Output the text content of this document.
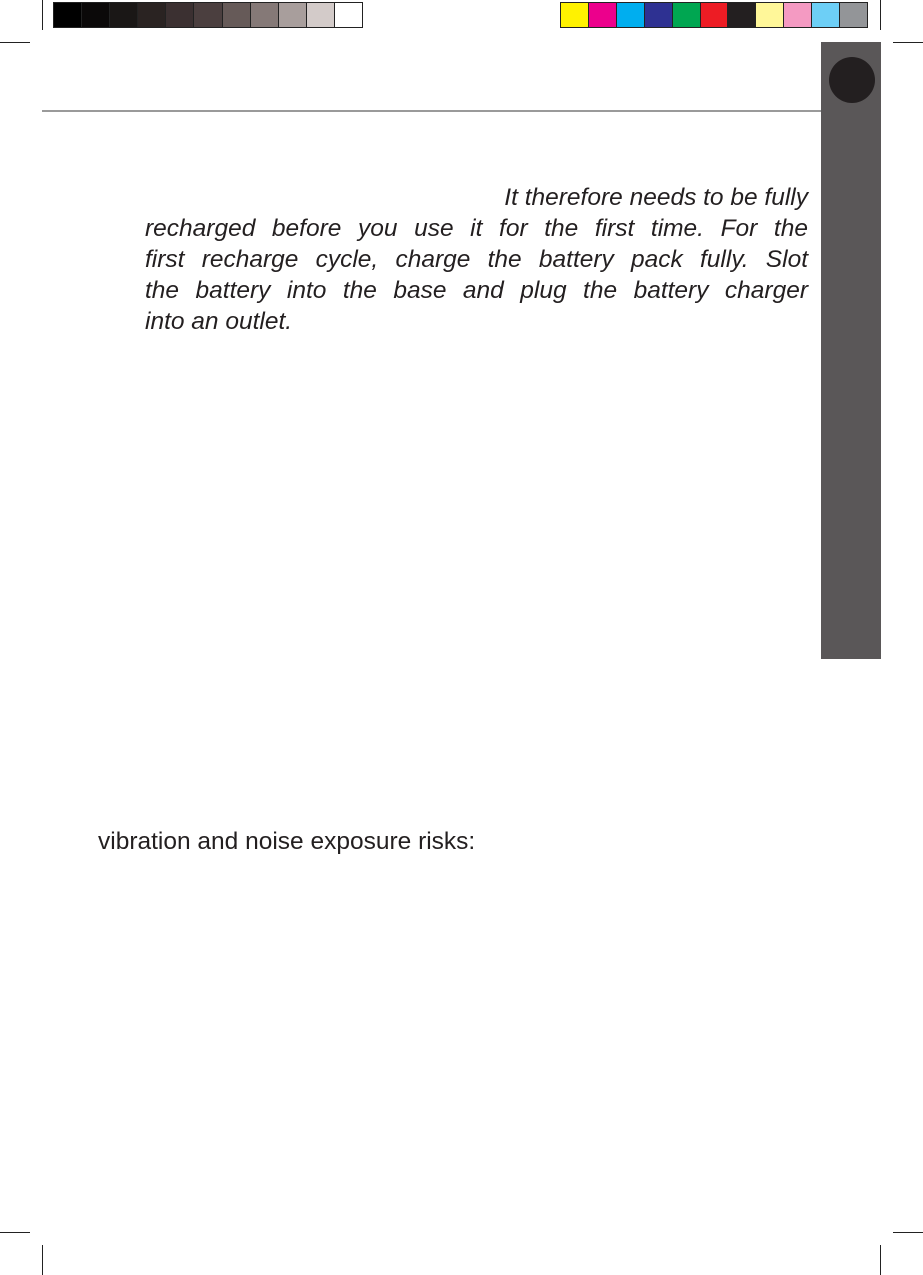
It therefore needs to be fully
recharged before you use it for the first time. For the
first recharge cycle, charge the battery pack fully. Slot
the battery into the base and plug the battery charger
into an outlet.

vibration and noise exposure risks:
